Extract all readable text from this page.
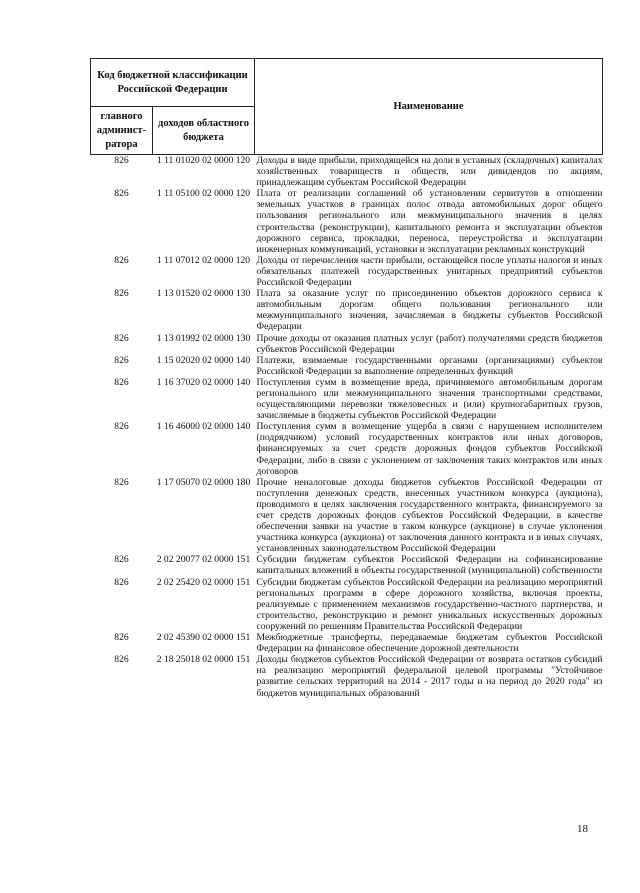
Код бюджетной классификации Российской Федерации		Наименование
главного админист-ратора	доходов областного бюджета	
826	1 11 01020 02 0000 120	Доходы в виде прибыли, приходящейся на доли в уставных (складочных) капиталах хозяйственных товариществ и обществ, или дивидендов по акциям, принадлежащим субъектам Российской Федерации
826	1 11 05100 02 0000 120	Плата от реализации соглашений об установлении сервитутов в отношении земельных участков в границах полос отвода автомобильных дорог общего пользования регионального или межмуниципального значения в целях строительства (реконструкции), капитального ремонта и эксплуатации объектов дорожного сервиса, прокладки, переноса, переустройства и эксплуатации инженерных коммуникаций, установки и эксплуатации рекламных конструкций
826	1 11 07012 02 0000 120	Доходы от перечисления части прибыли, остающейся после уплаты налогов и иных обязательных платежей государственных унитарных предприятий субъектов Российской Федерации
826	1 13 01520 02 0000 130	Плата за оказание услуг по присоединению объектов дорожного сервиса к автомобильным дорогам общего пользования регионального или межмуниципального значения, зачисляемая в бюджеты субъектов Российской Федерации
826	1 13 01992 02 0000 130	Прочие доходы от оказания платных услуг (работ) получателями средств бюджетов субъектов Российской Федерации
826	1 15 02020 02 0000 140	Платежи, взимаемые государственными органами (организациями) субъектов Российской Федерации за выполнение определенных функций
826	1 16 37020 02 0000 140	Поступления сумм в возмещение вреда, причиняемого автомобильным дорогам регионального или межмуниципального значения транспортными средствами, осуществляющими перевозки тяжеловесных и (или) крупногабаритных грузов, зачисляемые в бюджеты субъектов Российской Федерации
826	1 16 46000 02 0000 140	Поступления сумм в возмещение ущерба в связи с нарушением исполнителем (подрядчиком) условий государственных контрактов или иных договоров, финансируемых за счет средств дорожных фондов субъектов Российской Федерации, либо в связи с уклонением от заключения таких контрактов или иных договоров
826	1 17 05070 02 0000 180	Прочие неналоговые доходы бюджетов субъектов Российской Федерации от поступления денежных средств, внесенных участником конкурса (аукциона), проводимого в целях заключения государственного контракта, финансируемого за счет средств дорожных фондов субъектов Российской Федерации, в качестве обеспечения заявки на участие в таком конкурсе (аукционе) в случае уклонения участника конкурса (аукциона) от заключения данного контракта и в иных случаях, установленных законодательством Российской Федерации
826	2 02 20077 02 0000 151	Субсидии бюджетам субъектов Российской Федерации на софинансирование капитальных вложений в объекты государственной (муниципальной) собственности
826	2 02 25420 02 0000 151	Субсидии бюджетам субъектов Российской Федерации на реализацию мероприятий региональных программ в сфере дорожного хозяйства, включая проекты, реализуемые с применением механизмов государственно-частного партнерства, и строительство, реконструкцию и ремонт уникальных искусственных дорожных сооружений по решениям Правительства Российской Федерации
826	2 02 45390 02 0000 151	Межбюджетные трансферты, передаваемые бюджетам субъектов Российской Федерации на финансовое обеспечение дорожной деятельности
826	2 18 25018 02 0000 151	Доходы бюджетов субъектов Российской Федерации от возврата остатков субсидий на реализацию мероприятий федеральной целевой программы "Устойчивое развитие сельских территорий на 2014 - 2017 годы и на период до 2020 года" из бюджетов муниципальных образований
18
